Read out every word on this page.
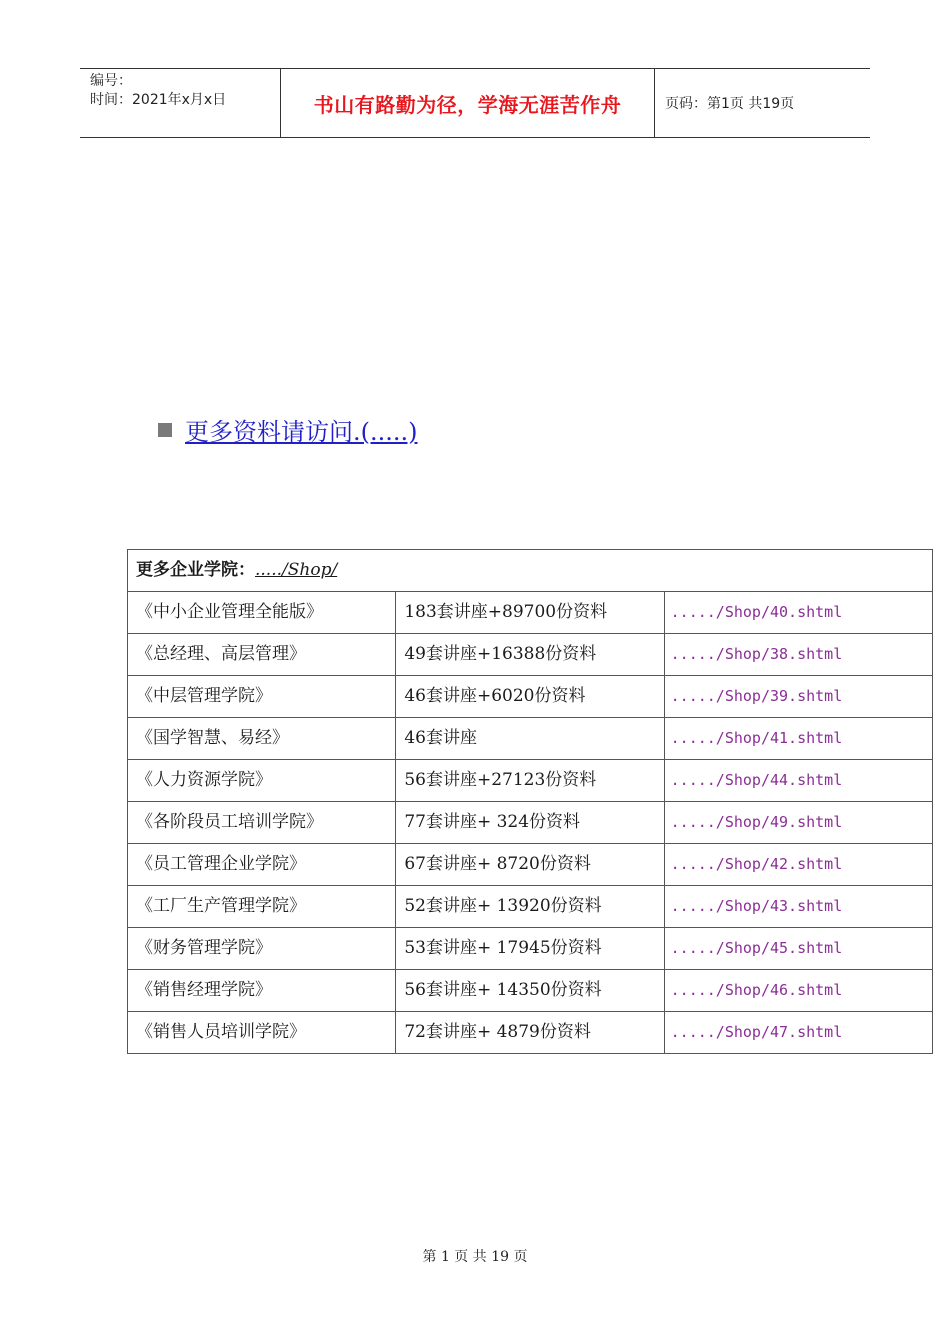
编号：
时间：2021年x月x日	书山有路勤为径，学海无涯苦作舟	页码：第1页 共19页
更多资料请访问.(.....)
更多企业学院：...../Shop/		
《中小企业管理全能版》	183套讲座+89700份资料	...../Shop/40.shtml
《总经理、高层管理》	49套讲座+16388份资料	...../Shop/38.shtml
《中层管理学院》	46套讲座+6020份资料	...../Shop/39.shtml
《国学智慧、易经》	46套讲座	...../Shop/41.shtml
《人力资源学院》	56套讲座+27123份资料	...../Shop/44.shtml
《各阶段员工培训学院》	77套讲座+ 324份资料	...../Shop/49.shtml
《员工管理企业学院》	67套讲座+ 8720份资料	...../Shop/42.shtml
《工厂生产管理学院》	52套讲座+ 13920份资料	...../Shop/43.shtml
《财务管理学院》	53套讲座+ 17945份资料	...../Shop/45.shtml
《销售经理学院》	56套讲座+ 14350份资料	...../Shop/46.shtml
《销售人员培训学院》	72套讲座+ 4879份资料	...../Shop/47.shtml
第 1 页 共 19 页
